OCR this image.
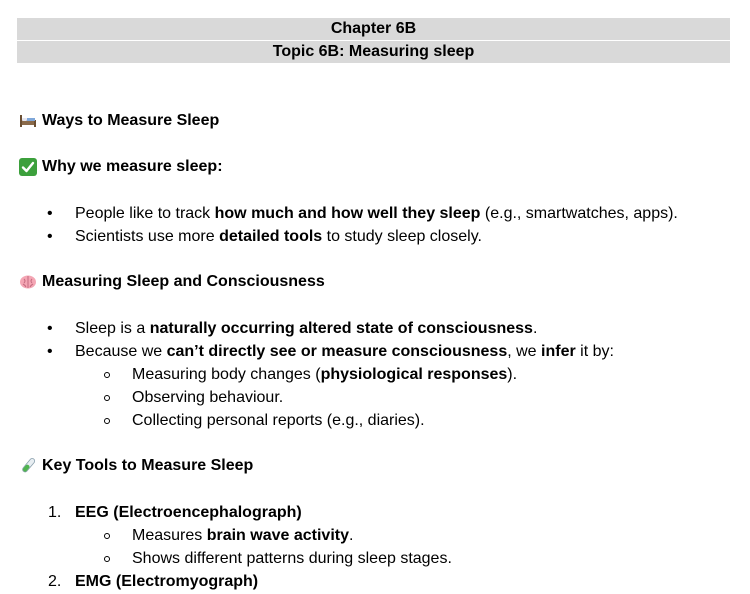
Chapter 6B
Topic 6B: Measuring sleep
Ways to Measure Sleep
Why we measure sleep:
• People like to track how much and how well they sleep (e.g., smartwatches, apps).
• Scientists use more detailed tools to study sleep closely.
Measuring Sleep and Consciousness
• Sleep is a naturally occurring altered state of consciousness.
• Because we can’t directly see or measure consciousness, we infer it by:
Measuring body changes (physiological responses).
Observing behaviour.
Collecting personal reports (e.g., diaries).
Key Tools to Measure Sleep
1. EEG (Electroencephalograph)
Measures brain wave activity.
Shows different patterns during sleep stages.
2. EMG (Electromyograph)
